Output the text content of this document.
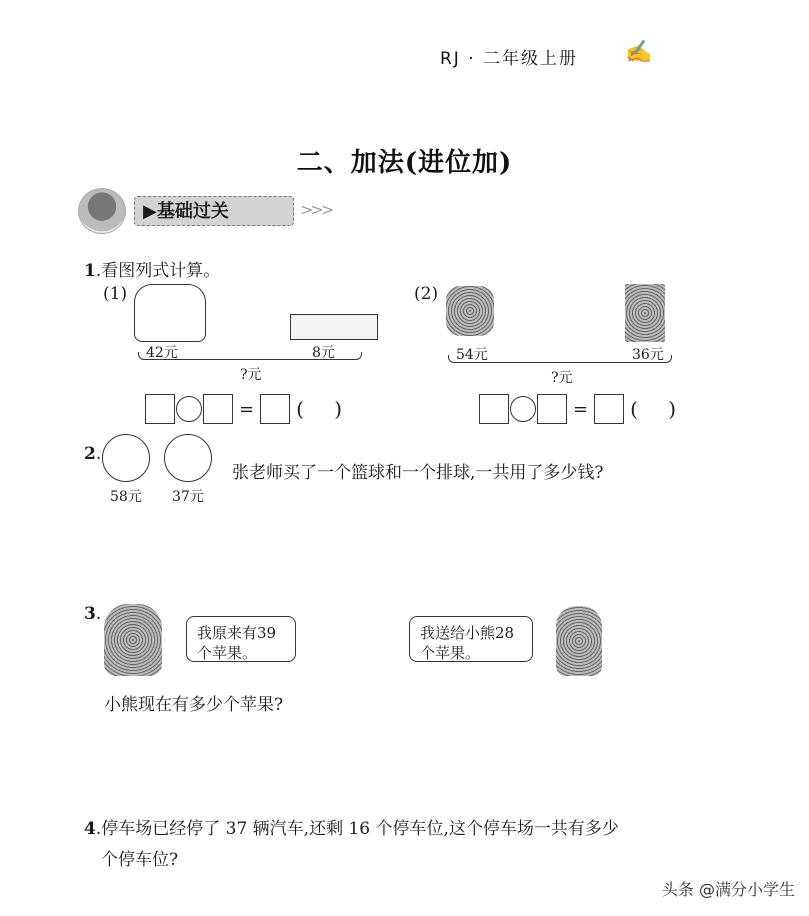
RJ · 二年级上册 ✍
二、加法(进位加)
▶基础过关	>>>
1.看图列式计算。
(1)
42元	8元
?元
= ( )
(2)
54元	36元
?元
= ( )
2.
58元 37元
张老师买了一个篮球和一个排球,一共用了多少钱?
3.
我原来有39
个苹果。
我送给小熊28
个苹果。
小熊现在有多少个苹果?
4.停车场已经停了 37 辆汽车,还剩 16 个停车位,这个停车场一共有多少
个停车位?
头条 @满分小学生
